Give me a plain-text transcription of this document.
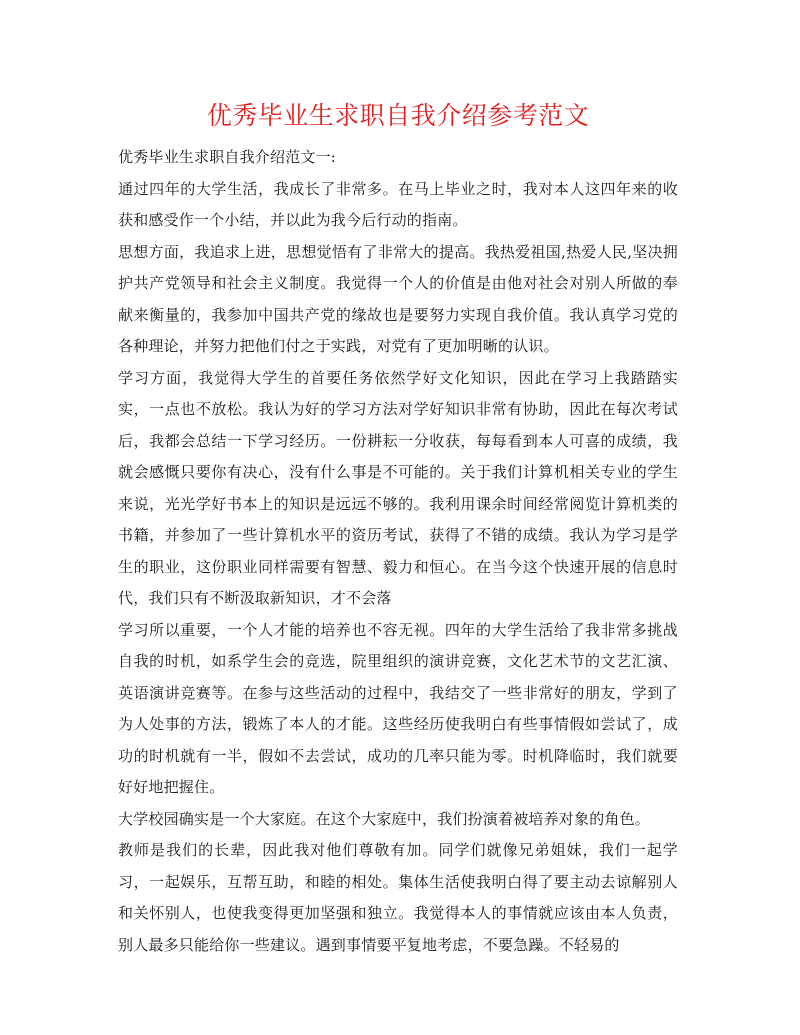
优秀毕业生求职自我介绍参考范文

优秀毕业生求职自我介绍范文一:

通过四年的大学生活，我成长了非常多。在马上毕业之时，我对本人这四年来的收获和感受作一个小结，并以此为我今后行动的指南。

思想方面，我追求上进，思想觉悟有了非常大的提高。我热爱祖国,热爱人民,坚决拥护共产党领导和社会主义制度。我觉得一个人的价值是由他对社会对别人所做的奉献来衡量的，我参加中国共产党的缘故也是要努力实现自我价值。我认真学习党的各种理论，并努力把他们付之于实践，对党有了更加明晰的认识。

学习方面，我觉得大学生的首要任务依然学好文化知识，因此在学习上我踏踏实实，一点也不放松。我认为好的学习方法对学好知识非常有协助，因此在每次考试后，我都会总结一下学习经历。一份耕耘一分收获，每每看到本人可喜的成绩，我就会感慨只要你有决心，没有什么事是不可能的。关于我们计算机相关专业的学生来说，光光学好书本上的知识是远远不够的。我利用课余时间经常阅览计算机类的书籍，并参加了一些计算机水平的资历考试，获得了不错的成绩。我认为学习是学生的职业，这份职业同样需要有智慧、毅力和恒心。在当今这个快速开展的信息时代，我们只有不断汲取新知识，才不会落

学习所以重要，一个人才能的培养也不容无视。四年的大学生活给了我非常多挑战自我的时机，如系学生会的竞选，院里组织的演讲竞赛，文化艺术节的文艺汇演、英语演讲竞赛等。在参与这些活动的过程中，我结交了一些非常好的朋友，学到了为人处事的方法，锻炼了本人的才能。这些经历使我明白有些事情假如尝试了，成功的时机就有一半，假如不去尝试，成功的几率只能为零。时机降临时，我们就要好好地把握住。

大学校园确实是一个大家庭。在这个大家庭中，我们扮演着被培养对象的角色。

教师是我们的长辈，因此我对他们尊敬有加。同学们就像兄弟姐妹，我们一起学习，一起娱乐，互帮互助，和睦的相处。集体生活使我明白得了要主动去谅解别人和关怀别人，也使我变得更加坚强和独立。我觉得本人的事情就应该由本人负责，别人最多只能给你一些建议。遇到事情要平复地考虑，不要急躁。不轻易的
